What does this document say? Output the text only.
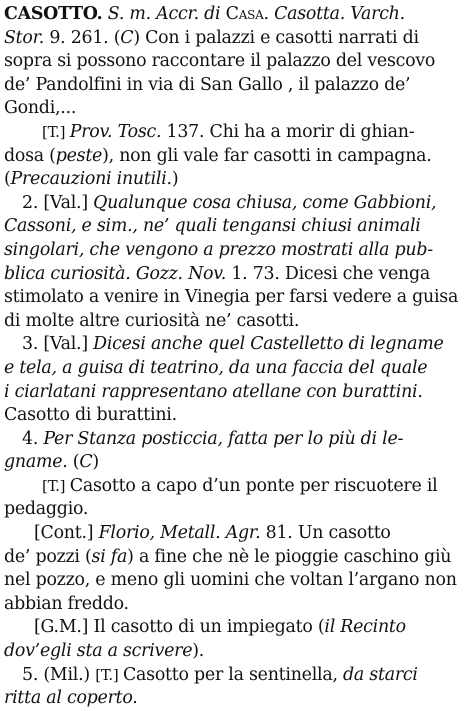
CASOTTO. S. m. Accr. di Casa. Casotta. Varch.
Stor. 9. 261. (C) Con i palazzi e casotti narrati di
sopra si possono raccontare il palazzo del vescovo
de’ Pandolfini in via di San Gallo , il palazzo de’
Gondi,...
[T.] Prov. Tosc. 137. Chi ha a morir di ghian-
dosa (peste), non gli vale far casotti in campagna.
(Precauzioni inutili.)
2. [Val.] Qualunque cosa chiusa, come Gabbioni,
Cassoni, e sim., ne’ quali tengansi chiusi animali
singolari, che vengono a prezzo mostrati alla pub-
blica curiosità. Gozz. Nov. 1. 73. Dicesi che venga
stimolato a venire in Vinegia per farsi vedere a guisa
di molte altre curiosità ne’ casotti.
3. [Val.] Dicesi anche quel Castelletto di legname
e tela, a guisa di teatrino, da una faccia del quale
i ciarlatani rappresentano atellane con burattini.
Casotto di burattini.
4. Per Stanza posticcia, fatta per lo più di le-
gname. (C)
[T.] Casotto a capo d’un ponte per riscuotere il
pedaggio.
[Cont.] Florio, Metall. Agr. 81. Un casotto
de’ pozzi (si fa) a fine che nè le pioggie caschino giù
nel pozzo, e meno gli uomini che voltan l’argano non
abbian freddo.
[G.M.] Il casotto di un impiegato (il Recinto
dov’egli sta a scrivere).
5. (Mil.) [T.] Casotto per la sentinella, da starci
ritta al coperto.
